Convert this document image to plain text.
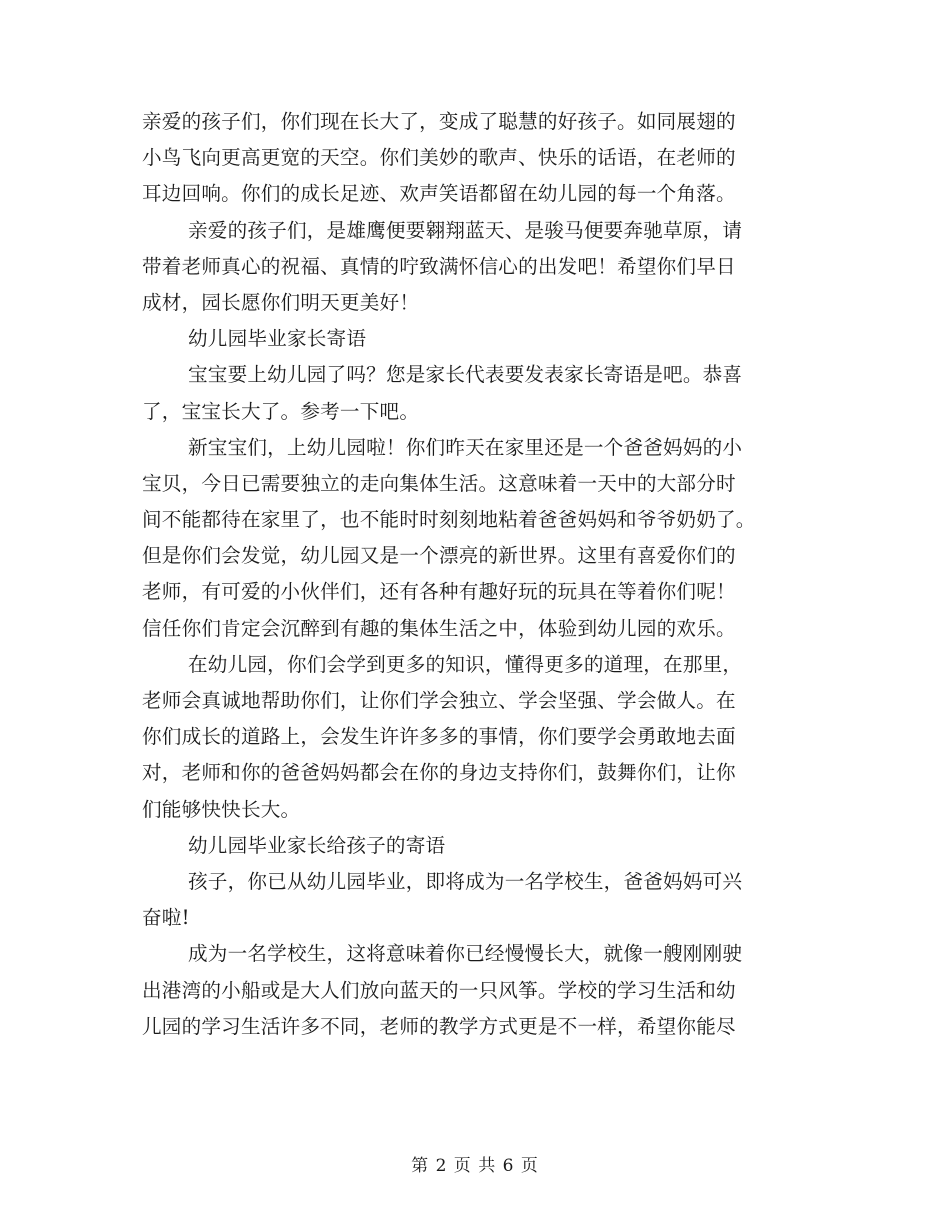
亲爱的孩子们，你们现在长大了，变成了聪慧的好孩子。如同展翅的
小鸟飞向更高更宽的天空。你们美妙的歌声、快乐的话语，在老师的
耳边回响。你们的成长足迹、欢声笑语都留在幼儿园的每一个角落。
亲爱的孩子们，是雄鹰便要翱翔蓝天、是骏马便要奔驰草原，请
带着老师真心的祝福、真情的咛致满怀信心的出发吧！希望你们早日
成材，园长愿你们明天更美好！
幼儿园毕业家长寄语
宝宝要上幼儿园了吗？您是家长代表要发表家长寄语是吧。恭喜
了，宝宝长大了。参考一下吧。
新宝宝们，上幼儿园啦！你们昨天在家里还是一个爸爸妈妈的小
宝贝，今日已需要独立的走向集体生活。这意味着一天中的大部分时
间不能都待在家里了，也不能时时刻刻地粘着爸爸妈妈和爷爷奶奶了。
但是你们会发觉，幼儿园又是一个漂亮的新世界。这里有喜爱你们的
老师，有可爱的小伙伴们，还有各种有趣好玩的玩具在等着你们呢！
信任你们肯定会沉醉到有趣的集体生活之中，体验到幼儿园的欢乐。
在幼儿园，你们会学到更多的知识，懂得更多的道理，在那里，
老师会真诚地帮助你们，让你们学会独立、学会坚强、学会做人。在
你们成长的道路上，会发生许许多多的事情，你们要学会勇敢地去面
对，老师和你的爸爸妈妈都会在你的身边支持你们，鼓舞你们，让你
们能够快快长大。
幼儿园毕业家长给孩子的寄语
孩子，你已从幼儿园毕业，即将成为一名学校生，爸爸妈妈可兴
奋啦!
成为一名学校生，这将意味着你已经慢慢长大，就像一艘刚刚驶
出港湾的小船或是大人们放向蓝天的一只风筝。学校的学习生活和幼
儿园的学习生活许多不同，老师的教学方式更是不一样，希望你能尽
第 2 页 共 6 页
